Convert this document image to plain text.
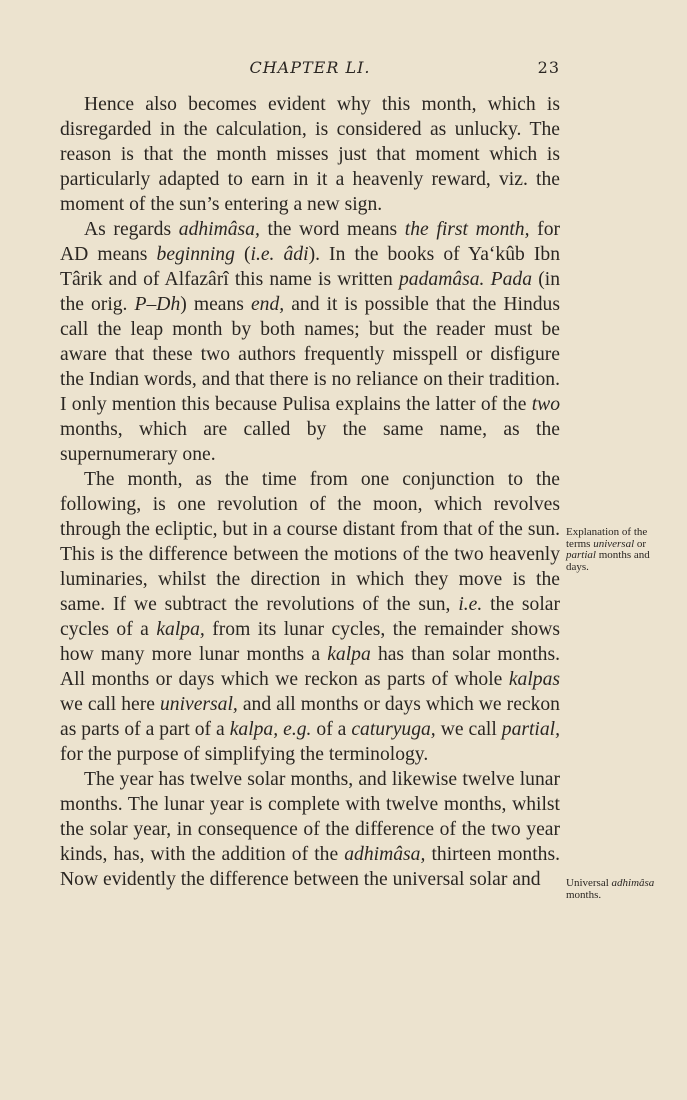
CHAPTER LI.	23

Hence also becomes evident why this month, which is disregarded in the calculation, is considered as unlucky. The reason is that the month misses just that moment which is particularly adapted to earn in it a heavenly reward, viz. the moment of the sun’s entering a new sign.

As regards adhimâsa, the word means the first month, for AD means beginning (i.e. âdi). In the books of Ya‘kûb Ibn Târik and of Alfazârî this name is written padamâsa. Pada (in the orig. P–Dh) means end, and it is possible that the Hindus call the leap month by both names; but the reader must be aware that these two authors frequently misspell or disfigure the Indian words, and that there is no reliance on their tradition. I only mention this because Pulisa explains the latter of the two months, which are called by the same name, as the supernumerary one.

The month, as the time from one conjunction to the following, is one revolution of the moon, which revolves through the ecliptic, but in a course distant from that of the sun. This is the difference between the motions of the two heavenly luminaries, whilst the direction in which they move is the same. If we subtract the revolutions of the sun, i.e. the solar cycles of a kalpa, from its lunar cycles, the remainder shows how many more lunar months a kalpa has than solar months. All months or days which we reckon as parts of whole kalpas we call here universal, and all months or days which we reckon as parts of a part of a kalpa, e.g. of a caturyuga, we call partial, for the purpose of simplifying the terminology.

The year has twelve solar months, and likewise twelve lunar months. The lunar year is complete with twelve months, whilst the solar year, in consequence of the difference of the two year kinds, has, with the addition of the adhimâsa, thirteen months. Now evidently the difference between the universal solar and

Explanation of the terms universal or partial months and days.
Universal adhimâsa months.
